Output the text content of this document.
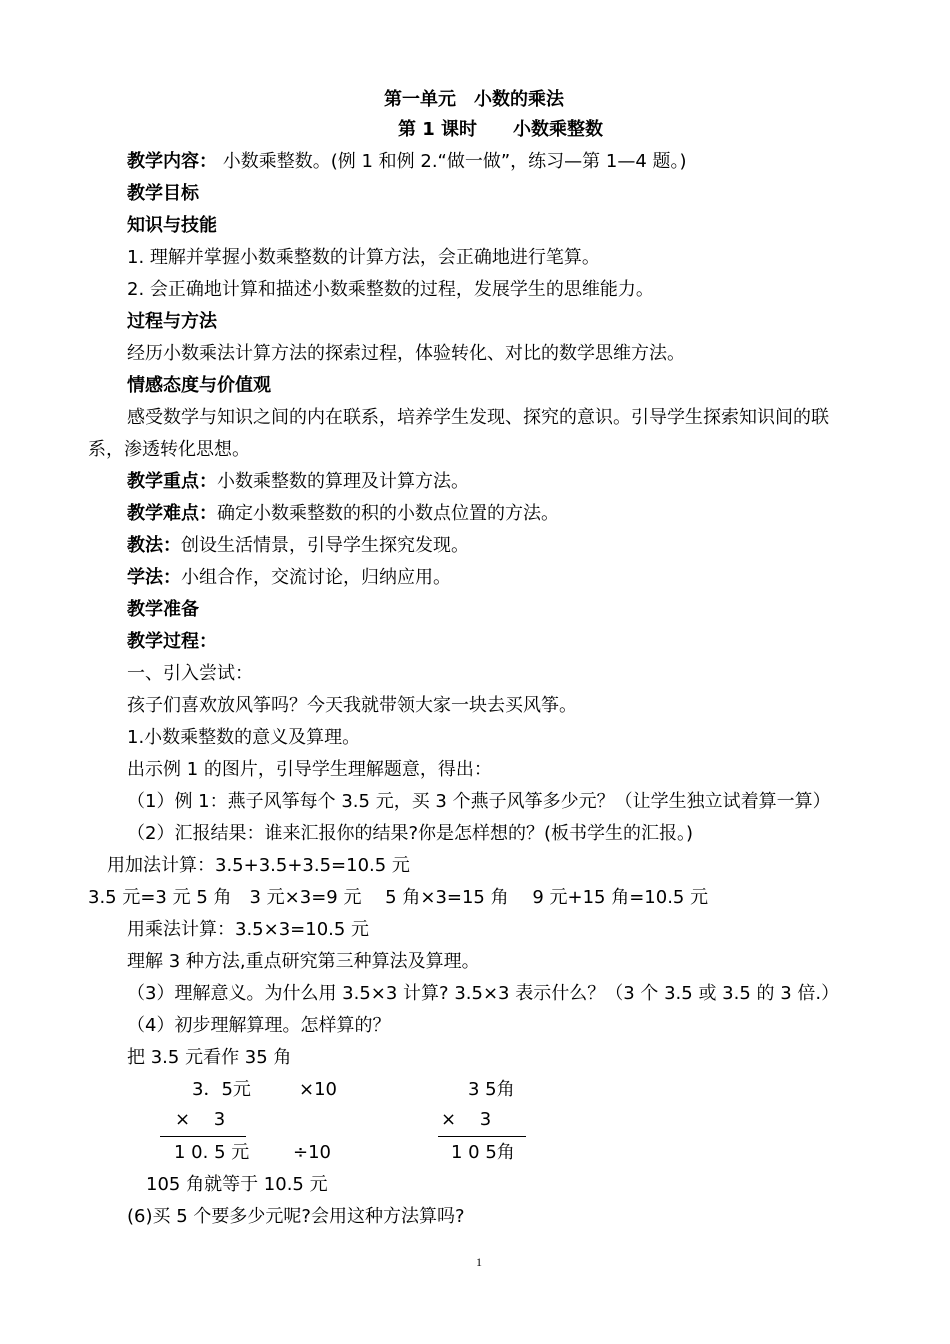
第一单元　小数的乘法
第 1 课时　　小数乘整数
教学内容： 小数乘整数。(例 1 和例 2.“做一做”，练习—第 1—4 题。)
教学目标
知识与技能
1. 理解并掌握小数乘整数的计算方法，会正确地进行笔算。
2. 会正确地计算和描述小数乘整数的过程，发展学生的思维能力。
过程与方法
经历小数乘法计算方法的探索过程，体验转化、对比的数学思维方法。
情感态度与价值观
感受数学与知识之间的内在联系，培养学生发现、探究的意识。引导学生探索知识间的联
系，渗透转化思想。
教学重点：小数乘整数的算理及计算方法。
教学难点：确定小数乘整数的积的小数点位置的方法。
教法：创设生活情景，引导学生探究发现。
学法：小组合作，交流讨论，归纳应用。
教学准备
教学过程：
一、引入尝试：
孩子们喜欢放风筝吗？今天我就带领大家一块去买风筝。
1.小数乘整数的意义及算理。
出示例 1 的图片，引导学生理解题意，得出：
（1）例 1：燕子风筝每个 3.5 元，买 3 个燕子风筝多少元？（让学生独立试着算一算）
（2）汇报结果：谁来汇报你的结果?你是怎样想的？(板书学生的汇报。)
用加法计算：3.5+3.5+3.5=10.5 元
3.5 元=3 元 5 角　3 元×3=9 元　 5 角×3=15 角　 9 元+15 角=10.5 元
用乘法计算：3.5×3=10.5 元
理解 3 种方法,重点研究第三种算法及算理。
（3）理解意义。为什么用 3.5×3 计算? 3.5×3 表示什么？（3 个 3.5 或 3.5 的 3 倍.）
（4）初步理解算理。怎样算的？
把 3.5 元看作 35 角
3．5元
×　 3
1 0. 5 元
×10
÷10
3 5角
×　 3
1 0 5角
105 角就等于 10.5 元
(6)买 5 个要多少元呢?会用这种方法算吗?
1
